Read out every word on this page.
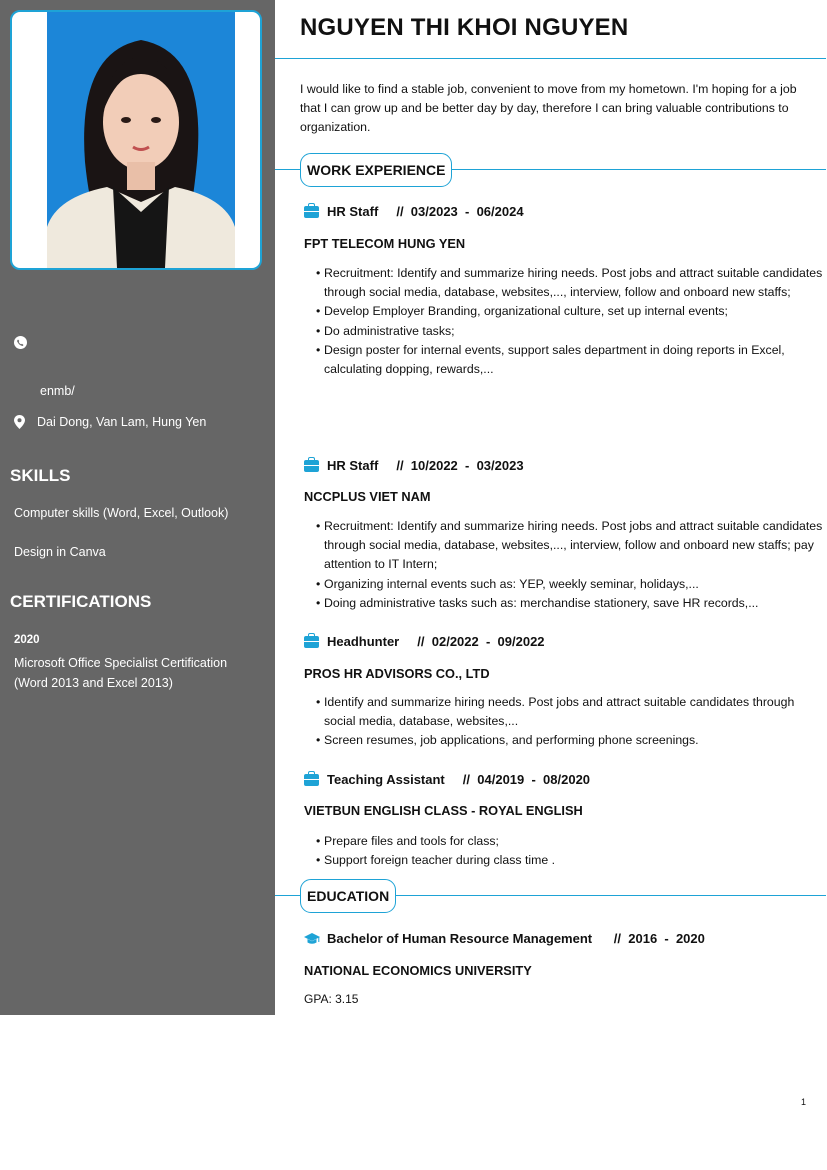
enmb/
Dai Dong, Van Lam, Hung Yen
SKILLS
Computer skills (Word, Excel, Outlook)
Design in Canva
CERTIFICATIONS
2020
Microsoft Office Specialist Certification (Word 2013 and Excel 2013)
NGUYEN THI KHOI NGUYEN
I would like to find a stable job, convenient to move from my hometown. I'm hoping for a job that I can grow up and be better day by day, therefore I can bring valuable contributions to organization.
WORK EXPERIENCE
HR Staff // 03/2023 - 06/2024
FPT TELECOM HUNG YEN
• Recruitment: Identify and summarize hiring needs. Post jobs and attract suitable candidates through social media, database, websites,..., interview, follow and onboard new staffs;
• Develop Employer Branding, organizational culture, set up internal events;
• Do administrative tasks;
• Design poster for internal events, support sales department in doing reports in Excel, calculating dopping, rewards,...
HR Staff // 10/2022 - 03/2023
NCCPLUS VIET NAM
• Recruitment: Identify and summarize hiring needs. Post jobs and attract suitable candidates through social media, database, websites,..., interview, follow and onboard new staffs; pay attention to IT Intern;
• Organizing internal events such as: YEP, weekly seminar, holidays,...
• Doing administrative tasks such as: merchandise stationery, save HR records,...
Headhunter // 02/2022 - 09/2022
PROS HR ADVISORS CO., LTD
• Identify and summarize hiring needs. Post jobs and attract suitable candidates through social media, database, websites,...
• Screen resumes, job applications, and performing phone screenings.
Teaching Assistant // 04/2019 - 08/2020
VIETBUN ENGLISH CLASS - ROYAL ENGLISH
• Prepare files and tools for class;
• Support foreign teacher during class time .
EDUCATION
Bachelor of Human Resource Management // 2016 - 2020
NATIONAL ECONOMICS UNIVERSITY
GPA: 3.15
1
